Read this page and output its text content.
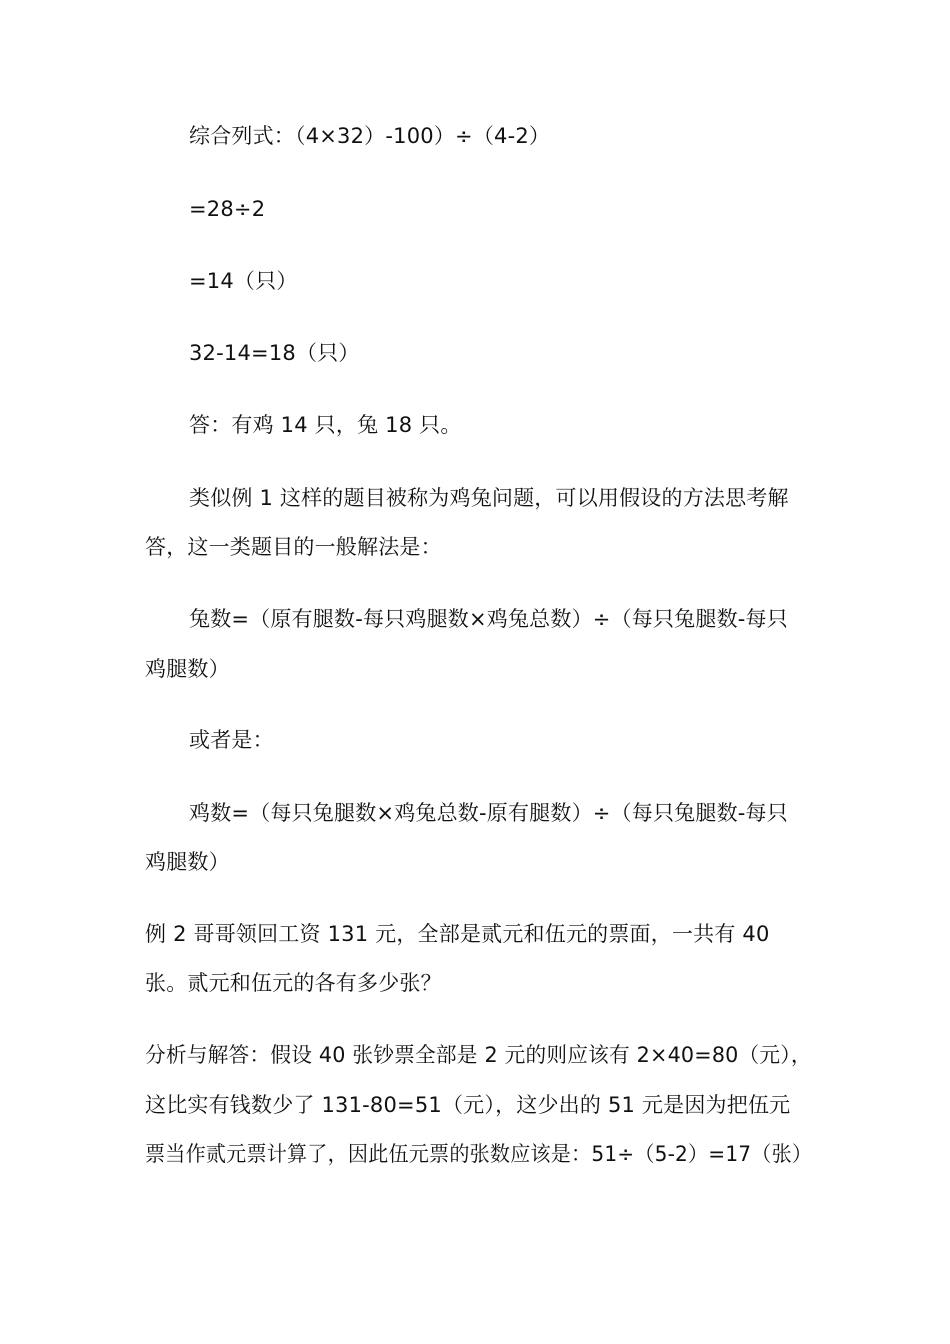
综合列式：（4×32）-100）÷（4-2）
=28÷2
=14（只）
32-14=18（只）
答：有鸡 14 只，兔 18 只。
类似例 1 这样的题目被称为鸡兔问题，可以用假设的方法思考解
答，这一类题目的一般解法是：
兔数=（原有腿数-每只鸡腿数×鸡兔总数）÷（每只兔腿数-每只
鸡腿数）
或者是：
鸡数=（每只兔腿数×鸡兔总数-原有腿数）÷（每只兔腿数-每只
鸡腿数）
例 2 哥哥领回工资 131 元，全部是贰元和伍元的票面，一共有 40
张。贰元和伍元的各有多少张？
分析与解答：假设 40 张钞票全部是 2 元的则应该有 2×40=80（元），
这比实有钱数少了 131-80=51（元），这少出的 51 元是因为把伍元
票当作贰元票计算了，因此伍元票的张数应该是：51÷（5-2）=17（张）
